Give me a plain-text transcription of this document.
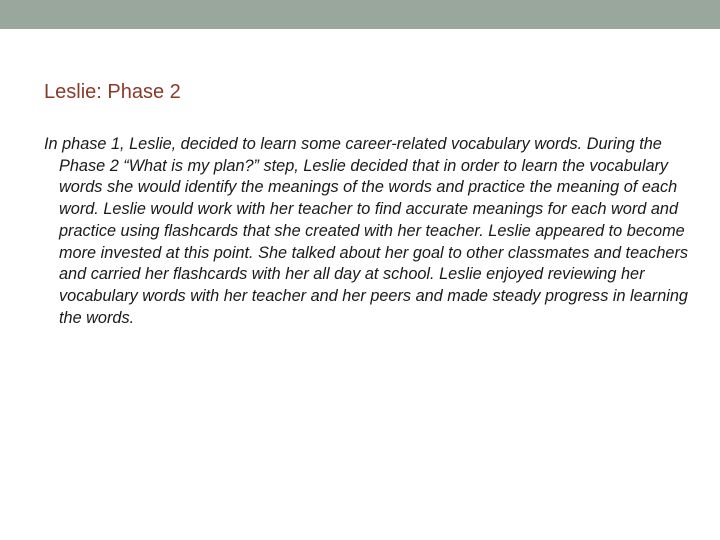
Leslie: Phase 2

In phase 1, Leslie, decided to learn some career-related vocabulary words. During the Phase 2 “What is my plan?” step, Leslie decided that in order to learn the vocabulary words she would identify the meanings of the words and practice the meaning of each word. Leslie would work with her teacher to find accurate meanings for each word and practice using flashcards that she created with her teacher. Leslie appeared to become more invested at this point. She talked about her goal to other classmates and teachers and carried her flashcards with her all day at school. Leslie enjoyed reviewing her vocabulary words with her teacher and her peers and made steady progress in learning the words.
